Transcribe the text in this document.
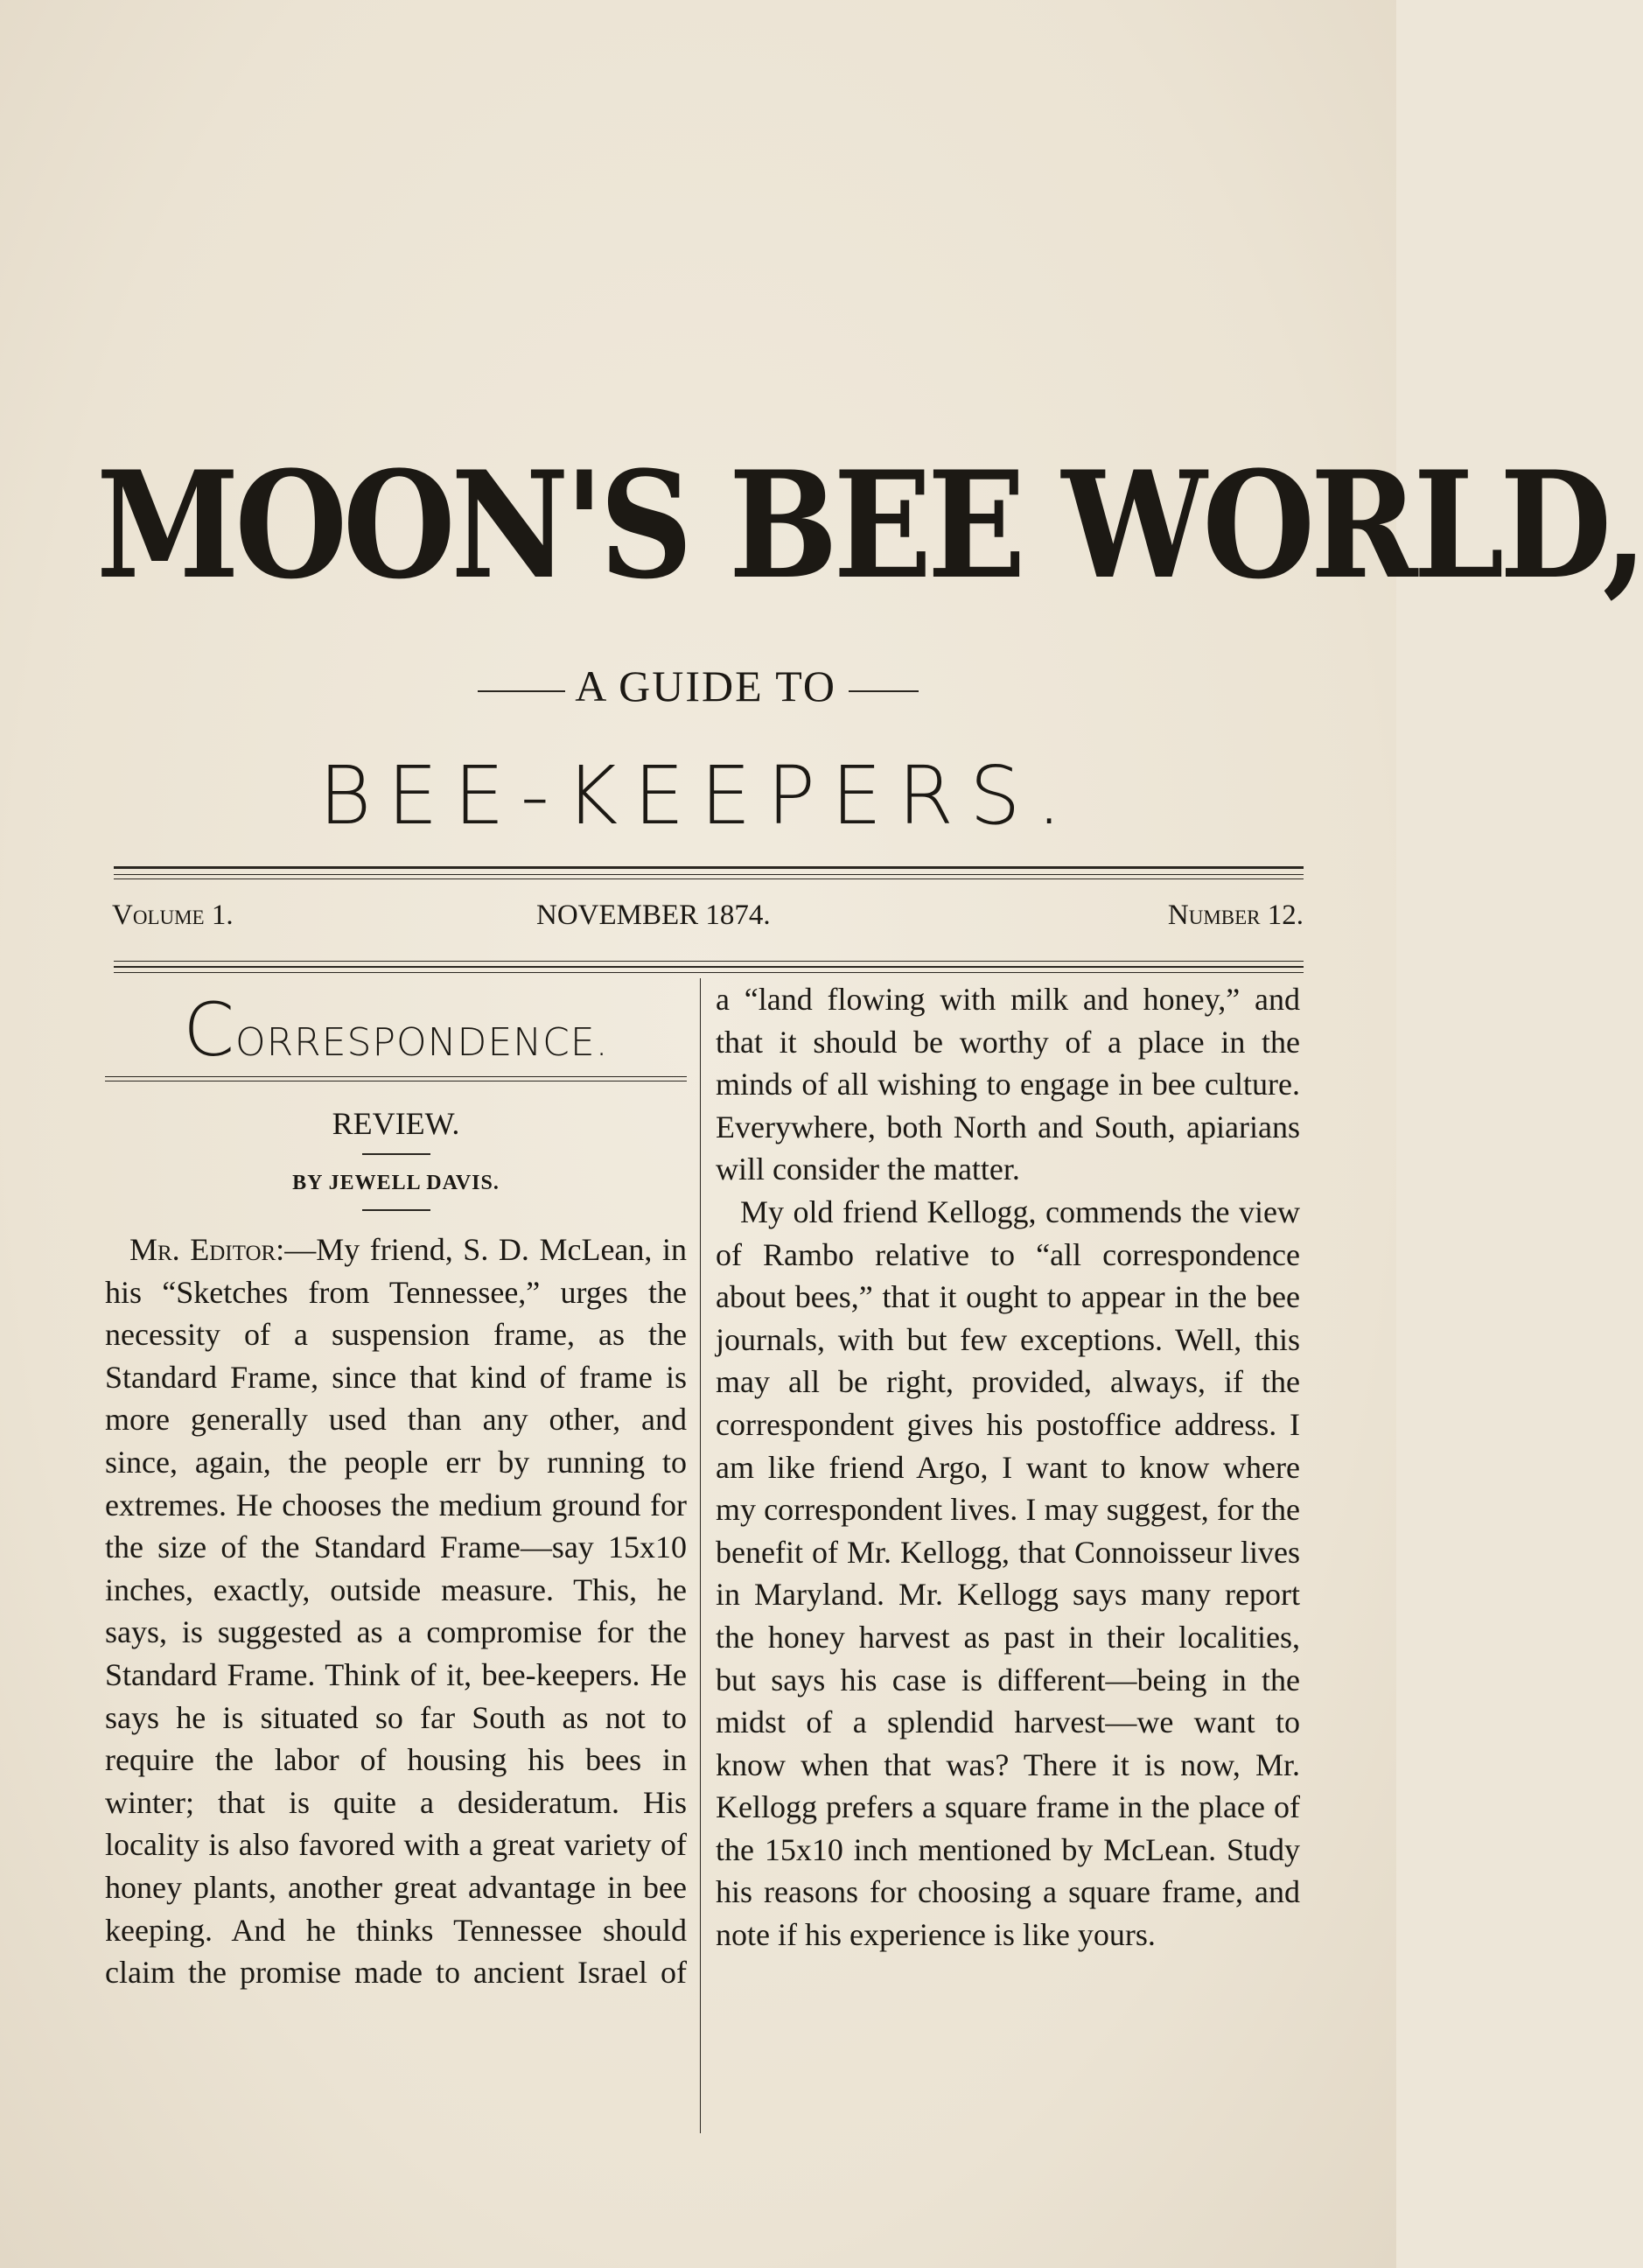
MOON'S BEE WORLD,
A GUIDE TO
BEE-KEEPERS.
Volume 1.	NOVEMBER 1874.	Number 12.
CORRESPONDENCE.
REVIEW.
BY JEWELL DAVIS.

Mr. Editor:—My friend, S. D. McLean, in his “Sketches from Tennessee,” urges the necessity of a suspension frame, as the Standard Frame, since that kind of frame is more generally used than any other, and since, again, the people err by running to extremes. He chooses the medium ground for the size of the Standard Frame—say 15x10 inches, exactly, outside measure. This, he says, is suggested as a compromise for the Standard Frame. Think of it, bee-keepers. He says he is situated so far South as not to require the labor of housing his bees in winter; that is quite a desideratum. His locality is also favored with a great variety of honey plants, another great advantage in bee keeping. And he thinks Tennessee should claim the promise made to ancient Israel of

a “land flowing with milk and honey,” and that it should be worthy of a place in the minds of all wishing to engage in bee culture. Everywhere, both North and South, apiarians will consider the matter.

My old friend Kellogg, commends the view of Rambo relative to “all correspondence about bees,” that it ought to appear in the bee journals, with but few exceptions. Well, this may all be right, provided, always, if the correspondent gives his postoffice address. I am like friend Argo, I want to know where my correspondent lives. I may suggest, for the benefit of Mr. Kellogg, that Connoisseur lives in Maryland. Mr. Kellogg says many report the honey harvest as past in their localities, but says his case is different—being in the midst of a splendid harvest—we want to know when that was? There it is now, Mr. Kellogg prefers a square frame in the place of the 15x10 inch mentioned by McLean. Study his reasons for choosing a square frame, and note if his experience is like yours.
